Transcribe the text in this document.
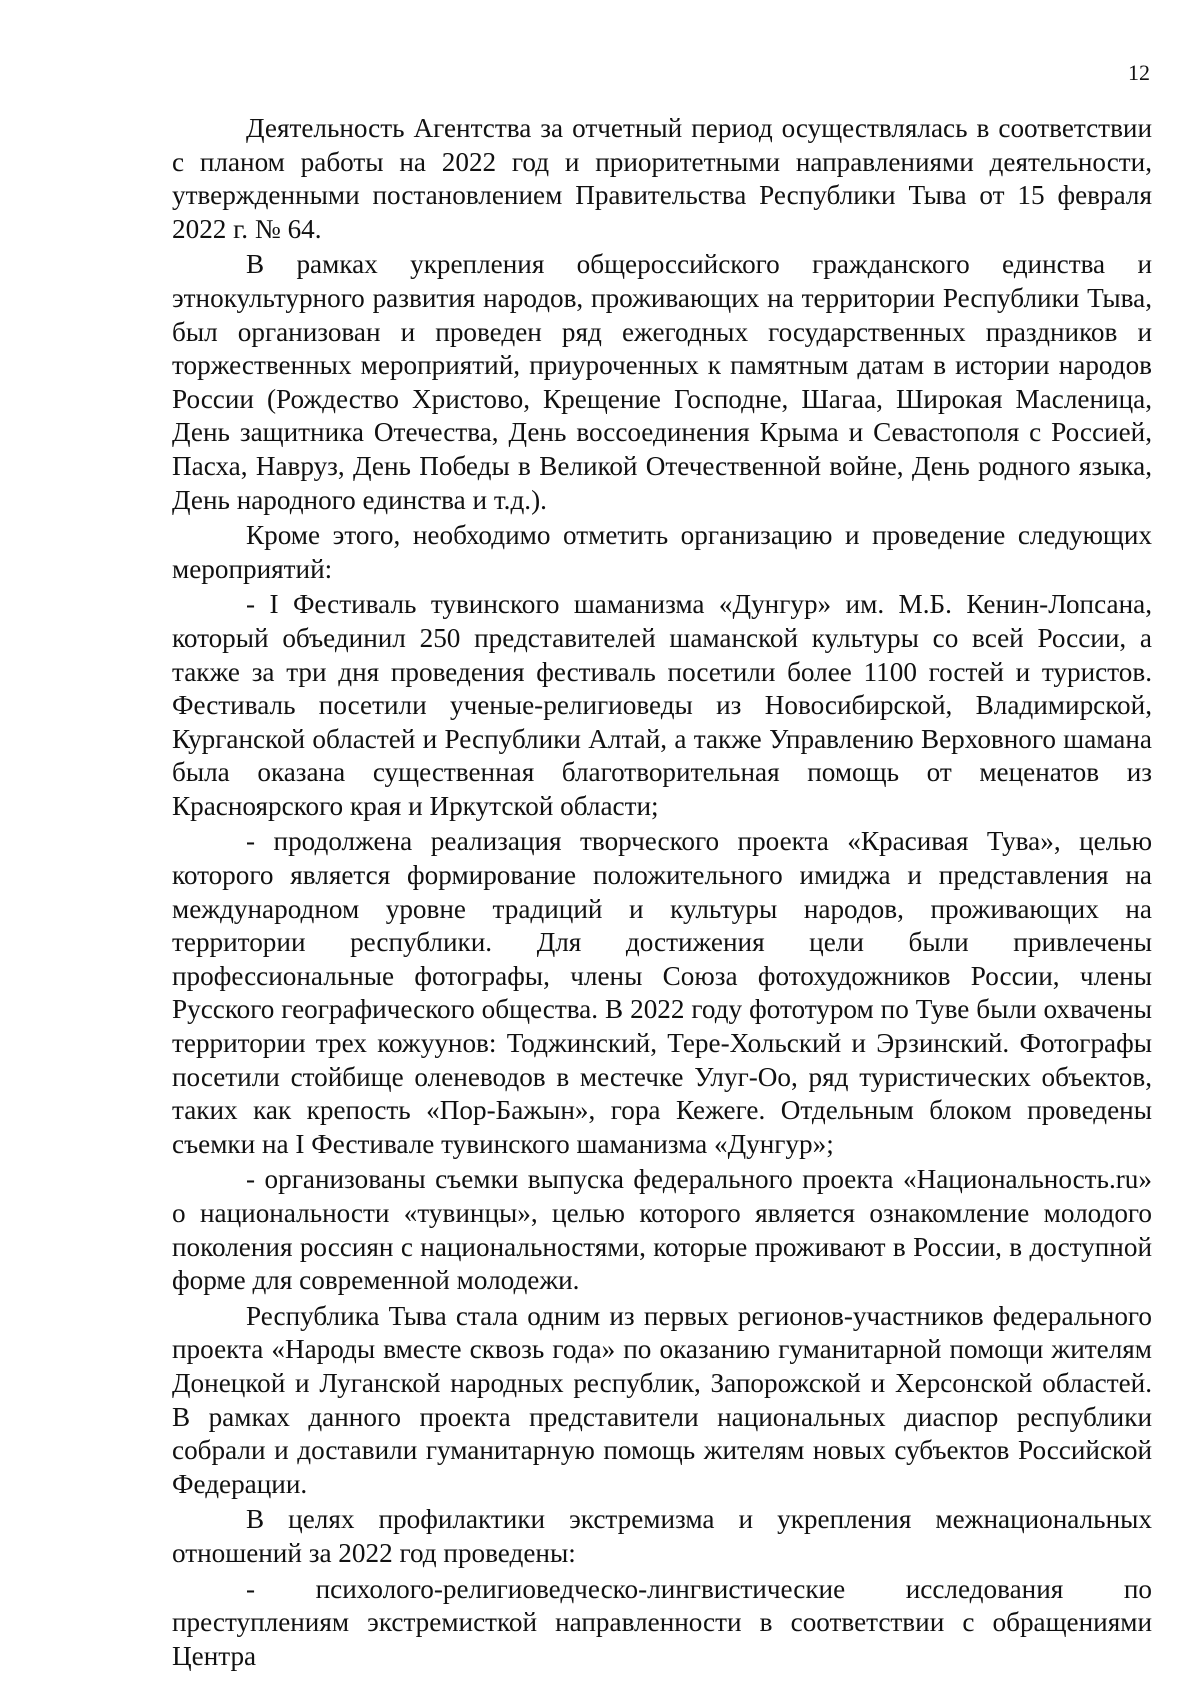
12

Деятельность Агентства за отчетный период осуществлялась в соответствии с планом работы на 2022 год и приоритетными направлениями деятельности, утвержденными постановлением Правительства Республики Тыва от 15 февраля 2022 г. № 64.

В рамках укрепления общероссийского гражданского единства и этнокультурного развития народов, проживающих на территории Республики Тыва, был организован и проведен ряд ежегодных государственных праздников и торжественных мероприятий, приуроченных к памятным датам в истории народов России (Рождество Христово, Крещение Господне, Шагаа, Широкая Масленица, День защитника Отечества, День воссоединения Крыма и Севастополя с Россией, Пасха, Навруз, День Победы в Великой Отечественной войне, День родного языка, День народного единства и т.д.).

Кроме этого, необходимо отметить организацию и проведение следующих мероприятий:

- I Фестиваль тувинского шаманизма «Дунгур» им. М.Б. Кенин-Лопсана, который объединил 250 представителей шаманской культуры со всей России, а также за три дня проведения фестиваль посетили более 1100 гостей и туристов. Фестиваль посетили ученые-религиоведы из Новосибирской, Владимирской, Курганской областей и Республики Алтай, а также Управлению Верховного шамана была оказана существенная благотворительная помощь от меценатов из Красноярского края и Иркутской области;

- продолжена реализация творческого проекта «Красивая Тува», целью которого является формирование положительного имиджа и представления на международном уровне традиций и культуры народов, проживающих на территории республики. Для достижения цели были привлечены профессиональные фотографы, члены Союза фотохудожников России, члены Русского географического общества. В 2022 году фототуром по Туве были охвачены территории трех кожуунов: Тоджинский, Тере-Хольский и Эрзинский. Фотографы посетили стойбище оленеводов в местечке Улуг-Оо, ряд туристических объектов, таких как крепость «Пор-Бажын», гора Кежеге. Отдельным блоком проведены съемки на I Фестивале тувинского шаманизма «Дунгур»;

- организованы съемки выпуска федерального проекта «Национальность.ru» о национальности «тувинцы», целью которого является ознакомление молодого поколения россиян с национальностями, которые проживают в России, в доступной форме для современной молодежи.

Республика Тыва стала одним из первых регионов-участников федерального проекта «Народы вместе сквозь года» по оказанию гуманитарной помощи жителям Донецкой и Луганской народных республик, Запорожской и Херсонской областей. В рамках данного проекта представители национальных диаспор республики собрали и доставили гуманитарную помощь жителям новых субъектов Российской Федерации.

В целях профилактики экстремизма и укрепления межнациональных отношений за 2022 год проведены:

- психолого-религиоведческо-лингвистические исследования по преступлениям экстремисткой направленности в соответствии с обращениями Центра
